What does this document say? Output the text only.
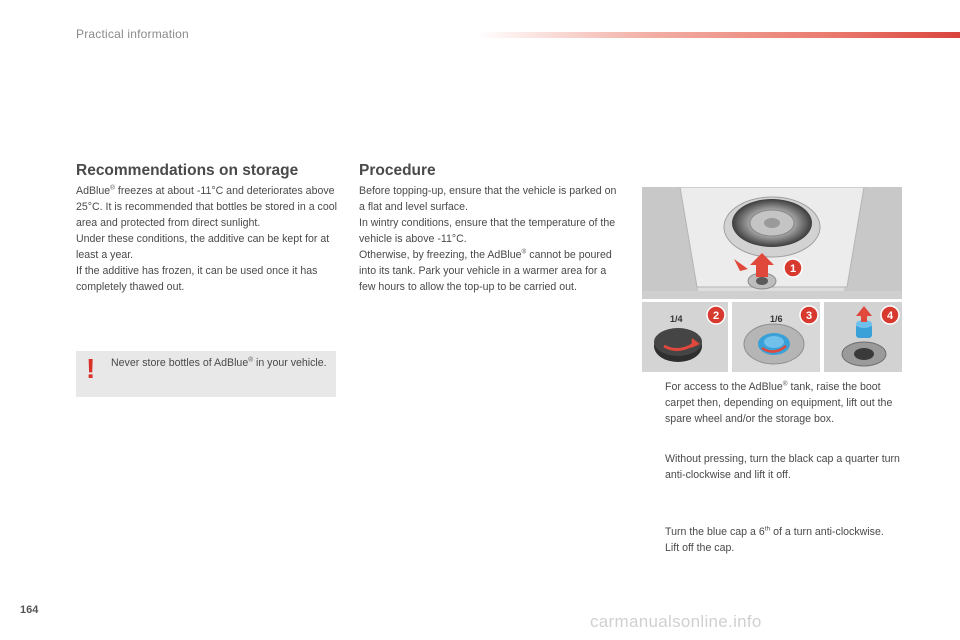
Practical information
Recommendations on storage

AdBlue® freezes at about -11°C and deteriorates above 25°C. It is recommended that bottles be stored in a cool area and protected from direct sunlight.

Under these conditions, the additive can be kept for at least a year.

If the additive has frozen, it can be used once it has completely thawed out.

! Never store bottles of AdBlue® in your vehicle.
Procedure

Before topping-up, ensure that the vehicle is parked on a flat and level surface.

In wintry conditions, ensure that the temperature of the vehicle is above -11°C.

Otherwise, by freezing, the AdBlue® cannot be poured into its tank. Park your vehicle in a warmer area for a few hours to allow the top-up to be carried out.

1
1/4	2	1/6 3	4
For access to the AdBlue® tank, raise the boot carpet then, depending on equipment, lift out the spare wheel and/or the storage box.
Without pressing, turn the black cap a quarter turn anti-clockwise and lift it off.
Turn the blue cap a 6th of a turn anti-clockwise.
Lift off the cap.
164
carmanualsonline.info
